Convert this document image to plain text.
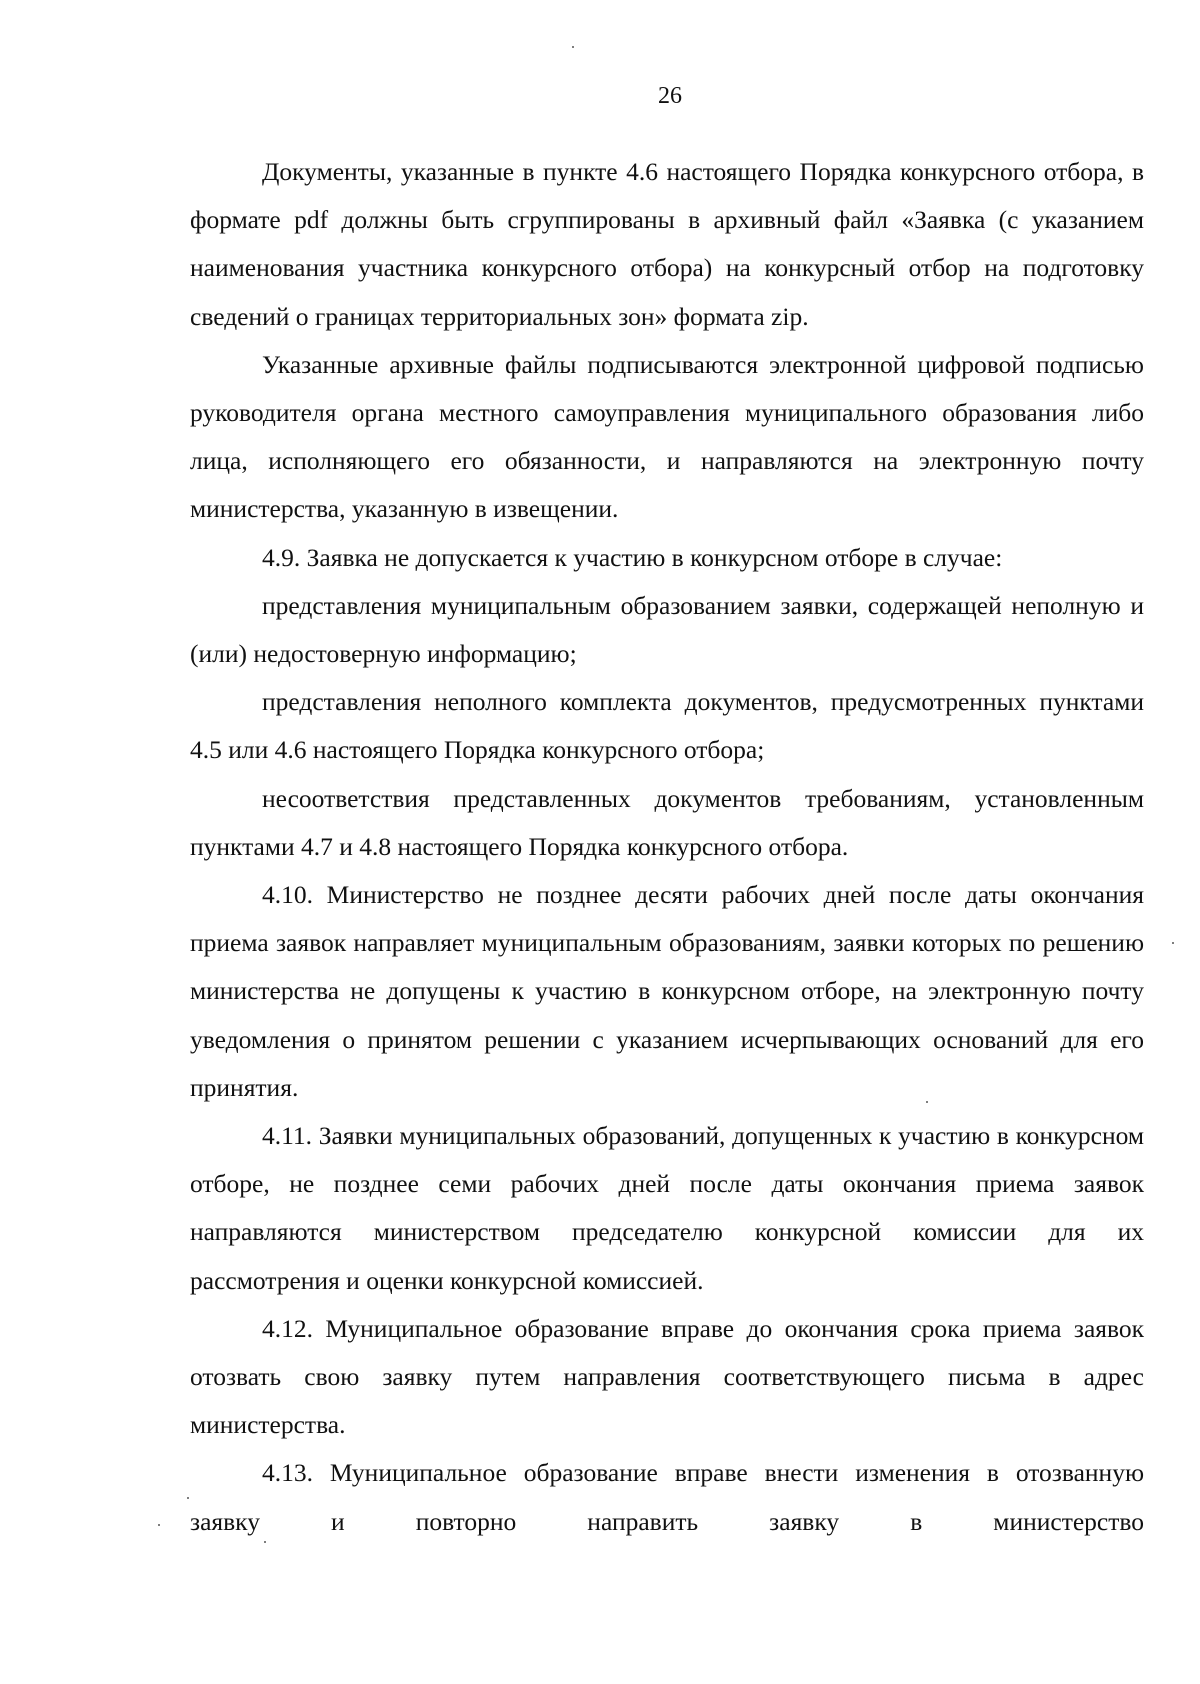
26

Документы, указанные в пункте 4.6 настоящего Порядка конкурсного отбора, в формате pdf должны быть сгруппированы в архивный файл «Заявка (с указанием наименования участника конкурсного отбора) на конкурсный отбор на подготовку сведений о границах территориальных зон» формата zip.

Указанные архивные файлы подписываются электронной цифровой подписью руководителя органа местного самоуправления муниципального образования либо лица, исполняющего его обязанности, и направляются на электронную почту министерства, указанную в извещении.

4.9. Заявка не допускается к участию в конкурсном отборе в случае:

представления муниципальным образованием заявки, содержащей неполную и (или) недостоверную информацию;

представления неполного комплекта документов, предусмотренных пунктами 4.5 или 4.6 настоящего Порядка конкурсного отбора;

несоответствия представленных документов требованиям, установленным пунктами 4.7 и 4.8 настоящего Порядка конкурсного отбора.

4.10. Министерство не позднее десяти рабочих дней после даты окончания приема заявок направляет муниципальным образованиям, заявки которых по решению министерства не допущены к участию в конкурсном отборе, на электронную почту уведомления о принятом решении с указанием исчерпывающих оснований для его принятия.

4.11. Заявки муниципальных образований, допущенных к участию в конкурсном отборе, не позднее семи рабочих дней после даты окончания приема заявок направляются министерством председателю конкурсной комиссии для их рассмотрения и оценки конкурсной комиссией.

4.12. Муниципальное образование вправе до окончания срока приема заявок отозвать свою заявку путем направления соответствующего письма в адрес министерства.

4.13. Муниципальное образование вправе внести изменения в отозванную заявку и повторно направить заявку в министерство
